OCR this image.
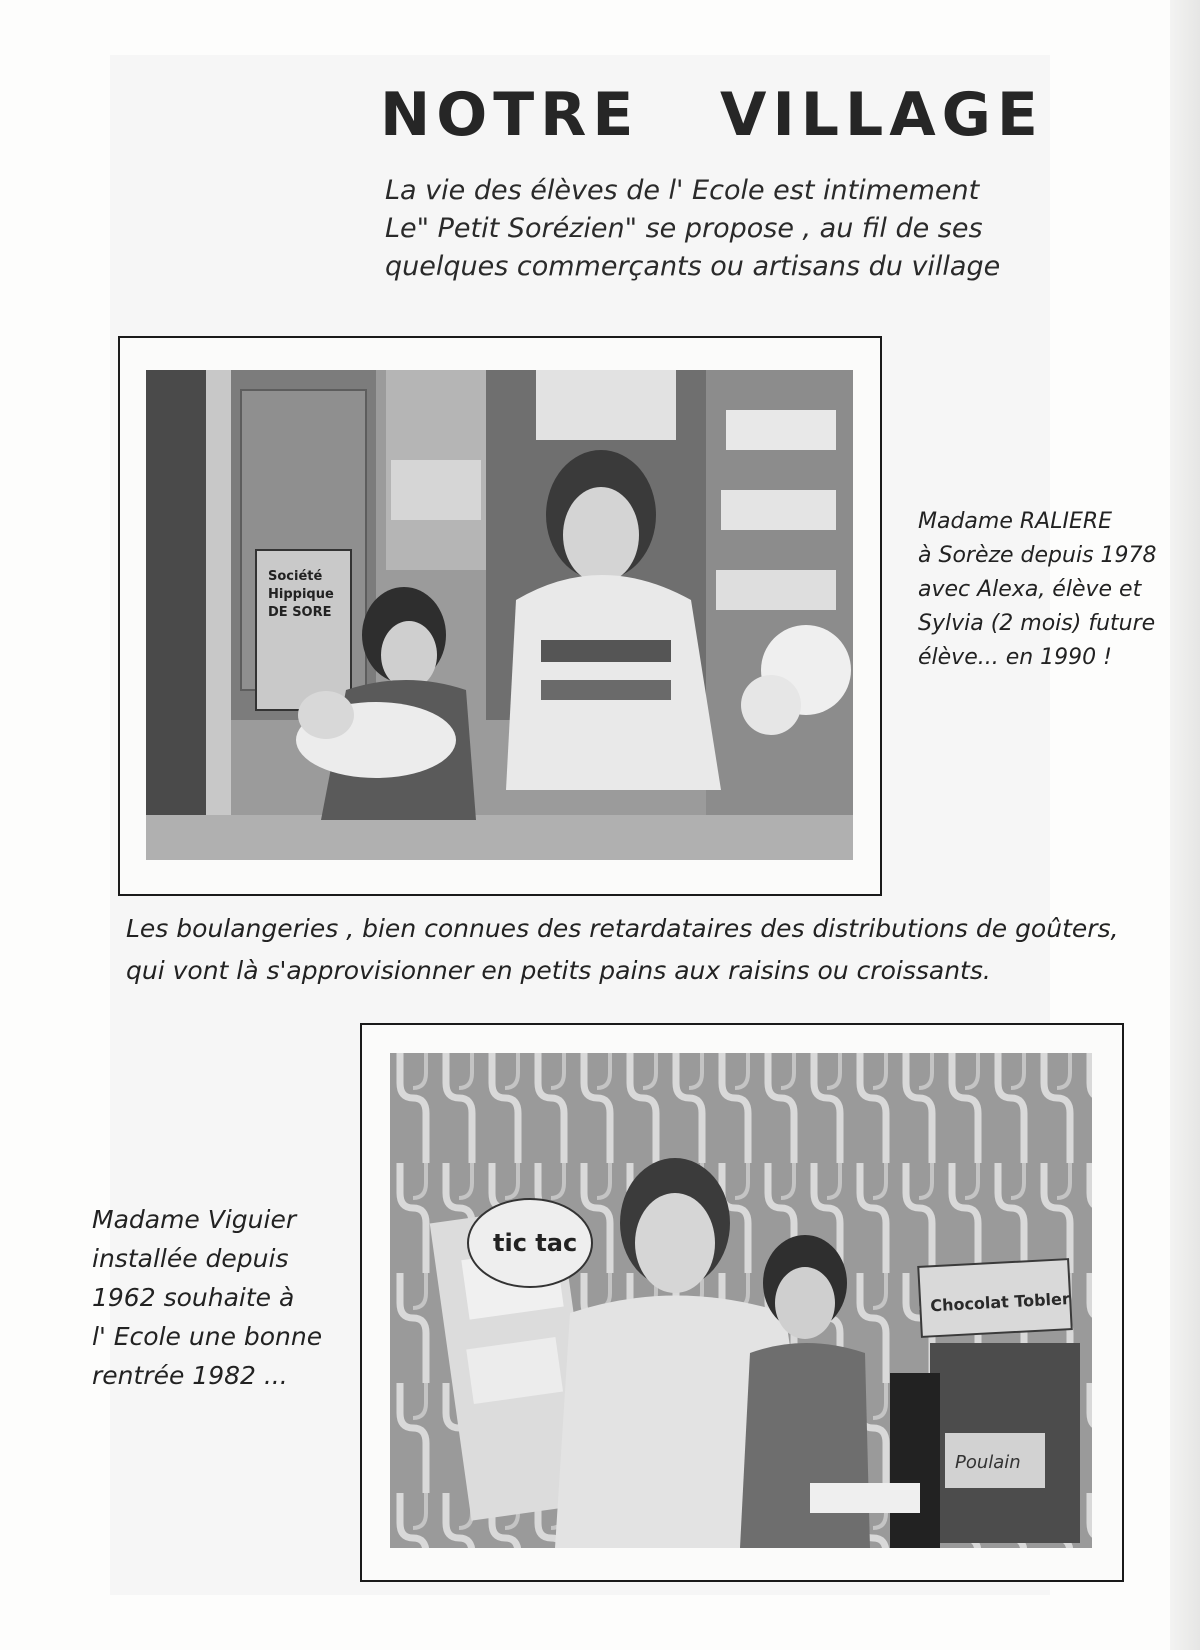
NOTRE   VILLAGE
La vie des élèves de l' Ecole est intimement
Le" Petit Sorézien" se propose , au fil de ses
quelques commerçants ou artisans du village
Société
Hippique
DE SORE
Madame RALIERE
à Sorèze depuis 1978
avec Alexa, élève et
Sylvia (2 mois) future
élève... en 1990 !
Les boulangeries , bien connues des retardataires des distributions de goûters,
qui vont là s'approvisionner en petits pains aux raisins ou croissants.
tic tac
Chocolat Tobler
Poulain
Madame Viguier
installée depuis
1962 souhaite à
l' Ecole une bonne
rentrée 1982 ...
